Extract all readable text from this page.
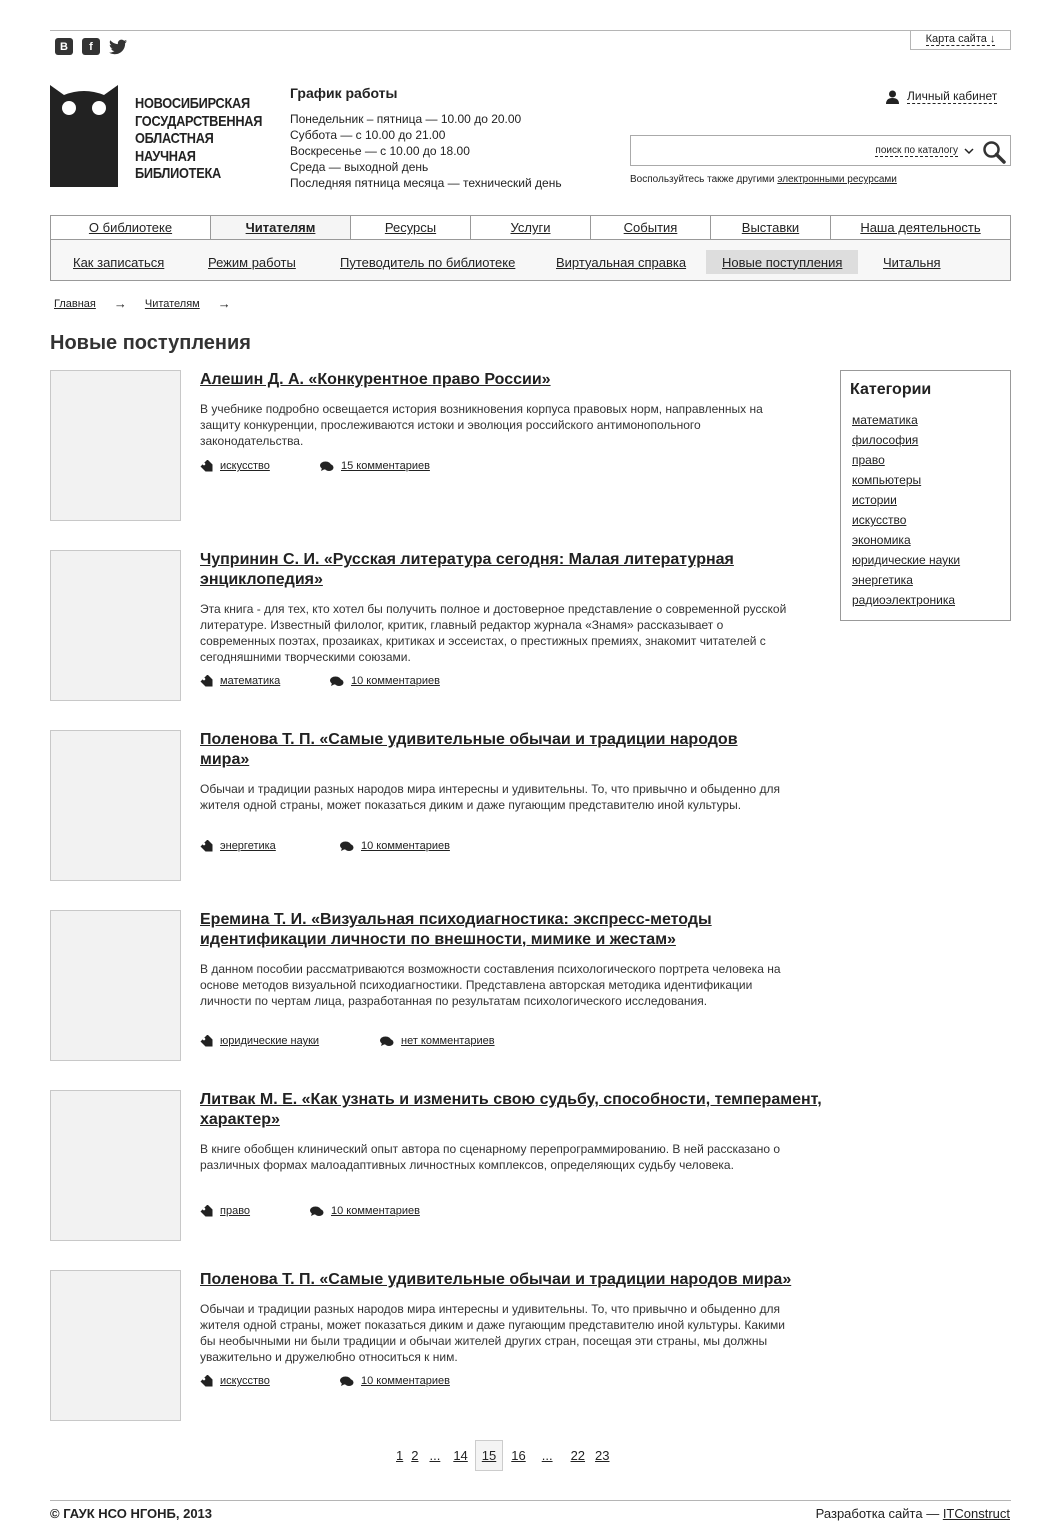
В	f
Карта сайта ↓
НОВОСИБИРСКАЯ
ГОСУДАРСТВЕННАЯ
ОБЛАСТНАЯ
НАУЧНАЯ
БИБЛИОТЕКА
График работы
Понедельник – пятница — 10.00 до 20.00
Суббота — с 10.00 до 21.00
Воскресенье — с 10.00 до 18.00
Среда — выходной день
Последняя пятница месяца — технический день
Личный кабинет
поиск по каталогу
Воспользуйтесь также другими электронными ресурсами
О библиотеке	Читателям	Ресурсы	Услуги	События	Выставки	Наша деятельность
Как записаться	Режим работы	Путеводитель по библиотеке	Виртуальная справка	Новые поступления	Читальня
Главная → Читателям →
Новые поступления
Алешин Д. А. «Конкурентное право России»
В учебнике подробно освещается история возникновения корпуса правовых норм, направленных на защиту конкуренции, прослеживаются истоки и эволюция российского антимонопольного законодательства.
искусство	15 комментариев
Чупринин С. И. «Русская литература сегодня: Малая литературная энциклопедия»
Эта книга - для тех, кто хотел бы получить полное и достоверное представление о современной русской литературе. Известный филолог, критик, главный редактор журнала «Знамя» рассказывает о современных поэтах, прозаиках, критиках и эссеистах, о престижных премиях, знакомит читателей с сегодняшними творческими союзами.
математика	10 комментариев
Поленова Т. П. «Самые удивительные обычаи и традиции народов мира»
Обычаи и традиции разных народов мира интересны и удивительны. То, что привычно и обыденно для жителя одной страны, может показаться диким и даже пугающим представителю иной культуры.
энергетика	10 комментариев
Еремина Т. И. «Визуальная психодиагностика: экспресс-методы идентификации личности по внешности, мимике и жестам»
В данном пособии рассматриваются возможности составления психологического портрета человека на основе методов визуальной психодиагностики. Представлена авторская методика идентификации личности по чертам лица, разработанная по результатам психологического исследования.
юридические науки	нет комментариев
Литвак М. Е. «Как узнать и изменить свою судьбу, способности, темперамент, характер»
В книге обобщен клинический опыт автора по сценарному перепрограммированию. В ней рассказано о различных формах малоадаптивных личностных комплексов, определяющих судьбу человека.
право	10 комментариев
Поленова Т. П. «Самые удивительные обычаи и традиции народов мира»
Обычаи и традиции разных народов мира интересны и удивительны. То, что привычно и обыденно для жителя одной страны, может показаться диким и даже пугающим представителю иной культуры. Какими бы необычными ни были традиции и обычаи жителей других стран, посещая эти страны, мы должны уважительно и дружелюбно относиться к ним.
искусство	10 комментариев
Категории
математика
философия
право
компьютеры
истории
искусство
экономика
юридические науки
энергетика
радиоэлектроника
1 2 ...	14	15	16	...	22 23
© ГАУК НСО НГОНБ, 2013	Разработка сайта — ITConstruct
